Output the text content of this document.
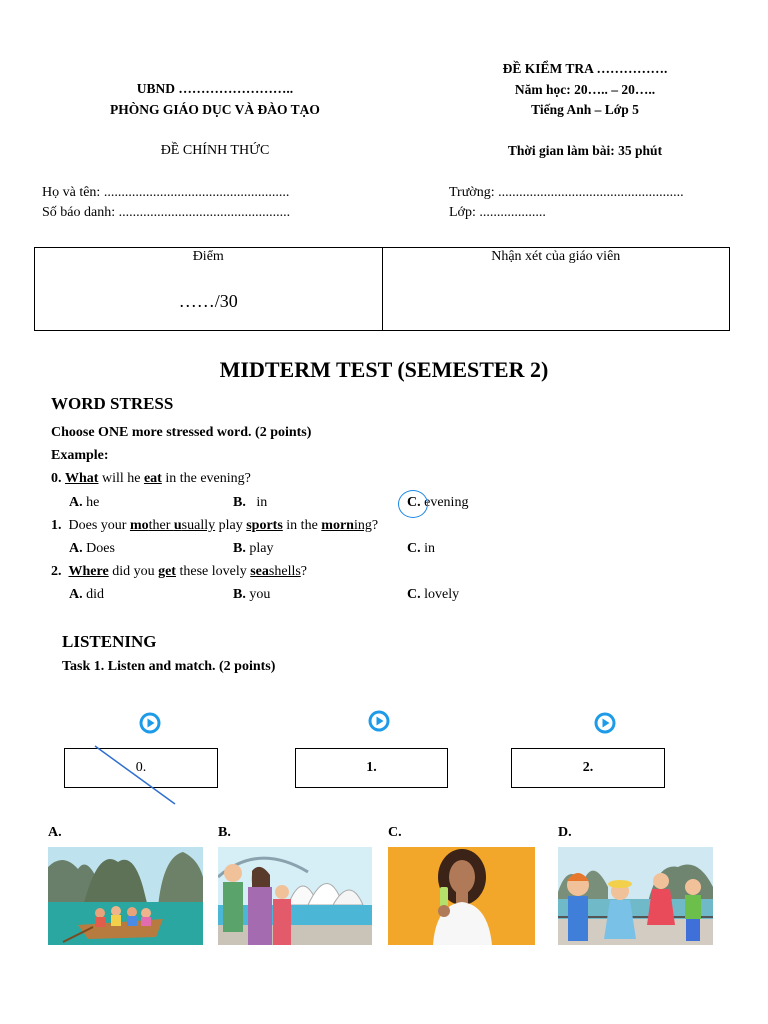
UBND ……………………..
PHÒNG GIÁO DỤC VÀ ĐÀO TẠO
ĐỀ CHÍNH THỨC
ĐỀ KIỂM TRA …………….
Năm học: 20….. – 20…..
Tiếng Anh – Lớp 5
Thời gian làm bài: 35 phút
Họ và tên: .....................................................
Số báo danh: .................................................
Trường: .....................................................
Lớp: ...................
Điểm
……/30
Nhận xét của giáo viên
MIDTERM TEST (SEMESTER 2)
WORD STRESS
Choose ONE more stressed word. (2 points)
Example:
0. What will he eat in the evening?
A. he	B.   in	C. evening
1.  Does your mother usually play sports in the morning?
A. Does	B. play	C. in
2. Where did you get these lovely seashells?
A. did	B. you	C. lovely
LISTENING
Task 1. Listen and match. (2 points)
0.	1.	2.
A.	B.	C.	D.
